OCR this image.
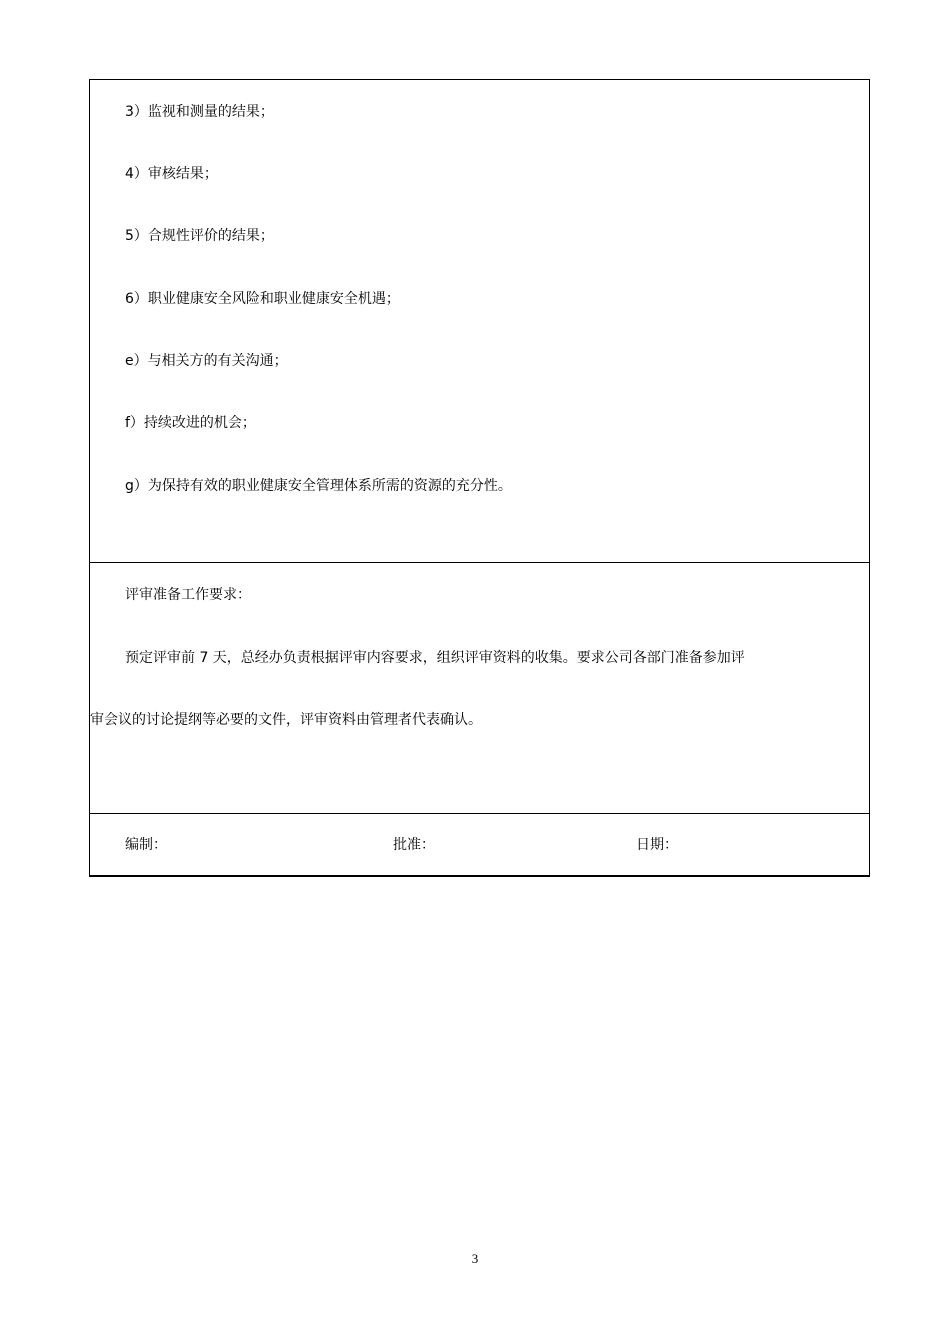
3）监视和测量的结果；
4）审核结果；
5）合规性评价的结果；
6）职业健康安全风险和职业健康安全机遇；
e）与相关方的有关沟通；
f）持续改进的机会；
g）为保持有效的职业健康安全管理体系所需的资源的充分性。
评审准备工作要求：
预定评审前 7 天，总经办负责根据评审内容要求，组织评审资料的收集。要求公司各部门准备参加评
审会议的讨论提纲等必要的文件，评审资料由管理者代表确认。
编制：	批准：	日期：
3
